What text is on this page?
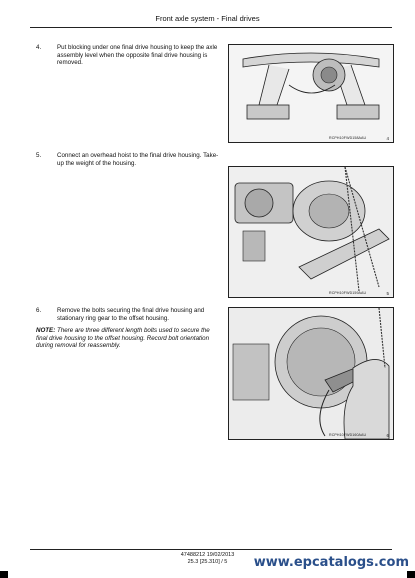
Front axle system - Final drives
4.	Put blocking under one final drive housing to keep the axle assembly level when the opposite final drive housing is removed.
RCPH10FWD158AAU	4
5.	Connect an overhead hoist to the final drive housing. Take-up the weight of the housing.
RCPH10FWD159AAU	5
6.	Remove the bolts securing the final drive housing and stationary ring gear to the offset housing.
NOTE: There are three different length bolts used to secure the final drive housing to the offset housing. Record bolt orientation during removal for reassembly.
RCPH10FWD160AAU	6
47488212 19/02/2013
25.3 [25.310] / 5	www.epcatalogs.com
